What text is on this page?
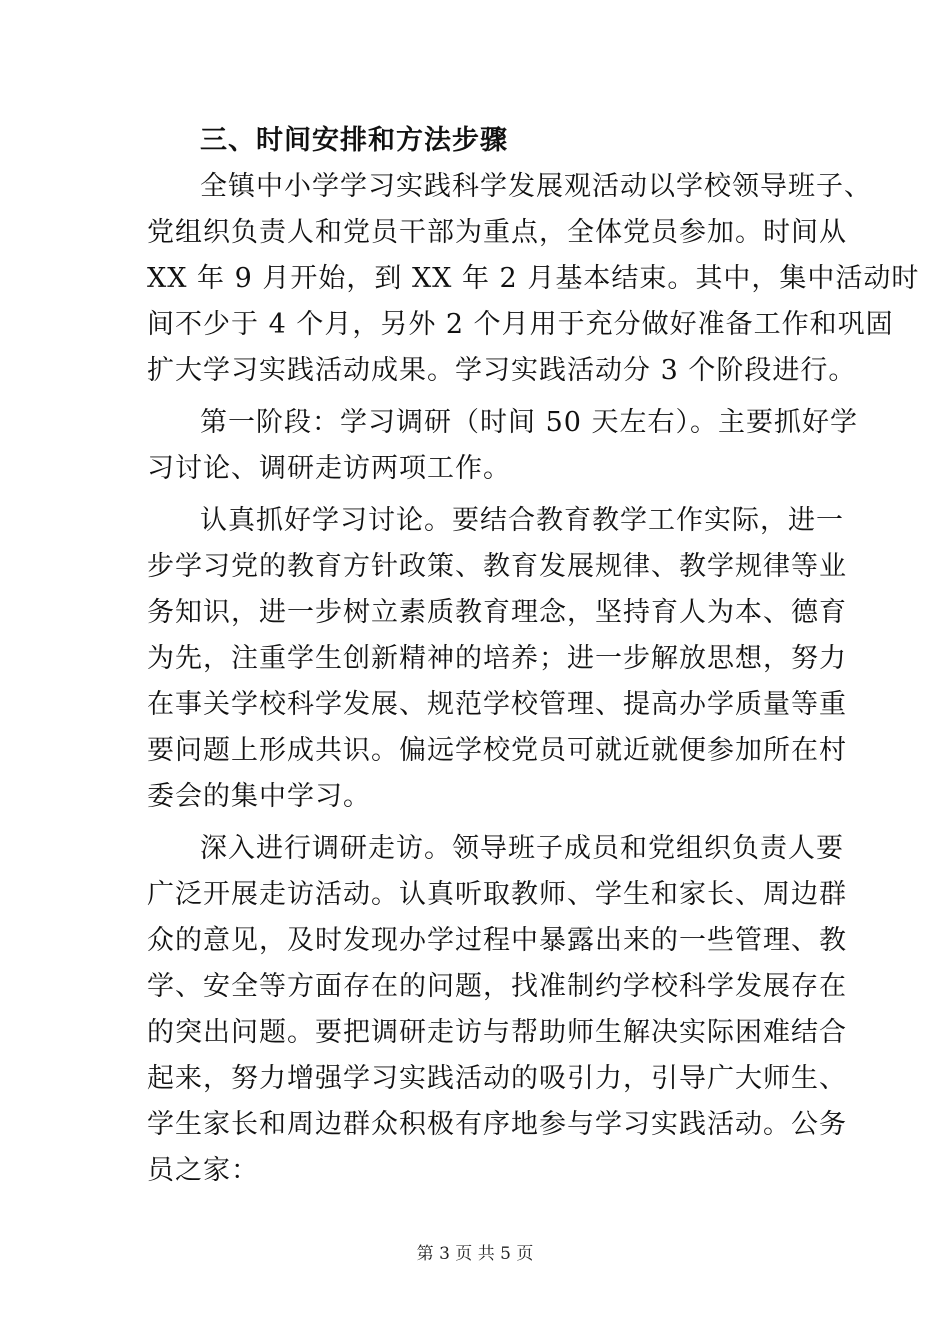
三、时间安排和方法步骤
全镇中小学学习实践科学发展观活动以学校领导班子、
党组织负责人和党员干部为重点，全体党员参加。时间从
XX 年 9 月开始，到 XX 年 2 月基本结束。其中，集中活动时
间不少于 4 个月，另外 2 个月用于充分做好准备工作和巩固
扩大学习实践活动成果。学习实践活动分 3 个阶段进行。
第一阶段：学习调研（时间 50 天左右）。主要抓好学
习讨论、调研走访两项工作。
认真抓好学习讨论。要结合教育教学工作实际，进一
步学习党的教育方针政策、教育发展规律、教学规律等业
务知识，进一步树立素质教育理念，坚持育人为本、德育
为先，注重学生创新精神的培养；进一步解放思想，努力
在事关学校科学发展、规范学校管理、提高办学质量等重
要问题上形成共识。偏远学校党员可就近就便参加所在村
委会的集中学习。
深入进行调研走访。领导班子成员和党组织负责人要
广泛开展走访活动。认真听取教师、学生和家长、周边群
众的意见，及时发现办学过程中暴露出来的一些管理、教
学、安全等方面存在的问题，找准制约学校科学发展存在
的突出问题。要把调研走访与帮助师生解决实际困难结合
起来，努力增强学习实践活动的吸引力，引导广大师生、
学生家长和周边群众积极有序地参与学习实践活动。公务
员之家：
第 3 页 共 5 页
